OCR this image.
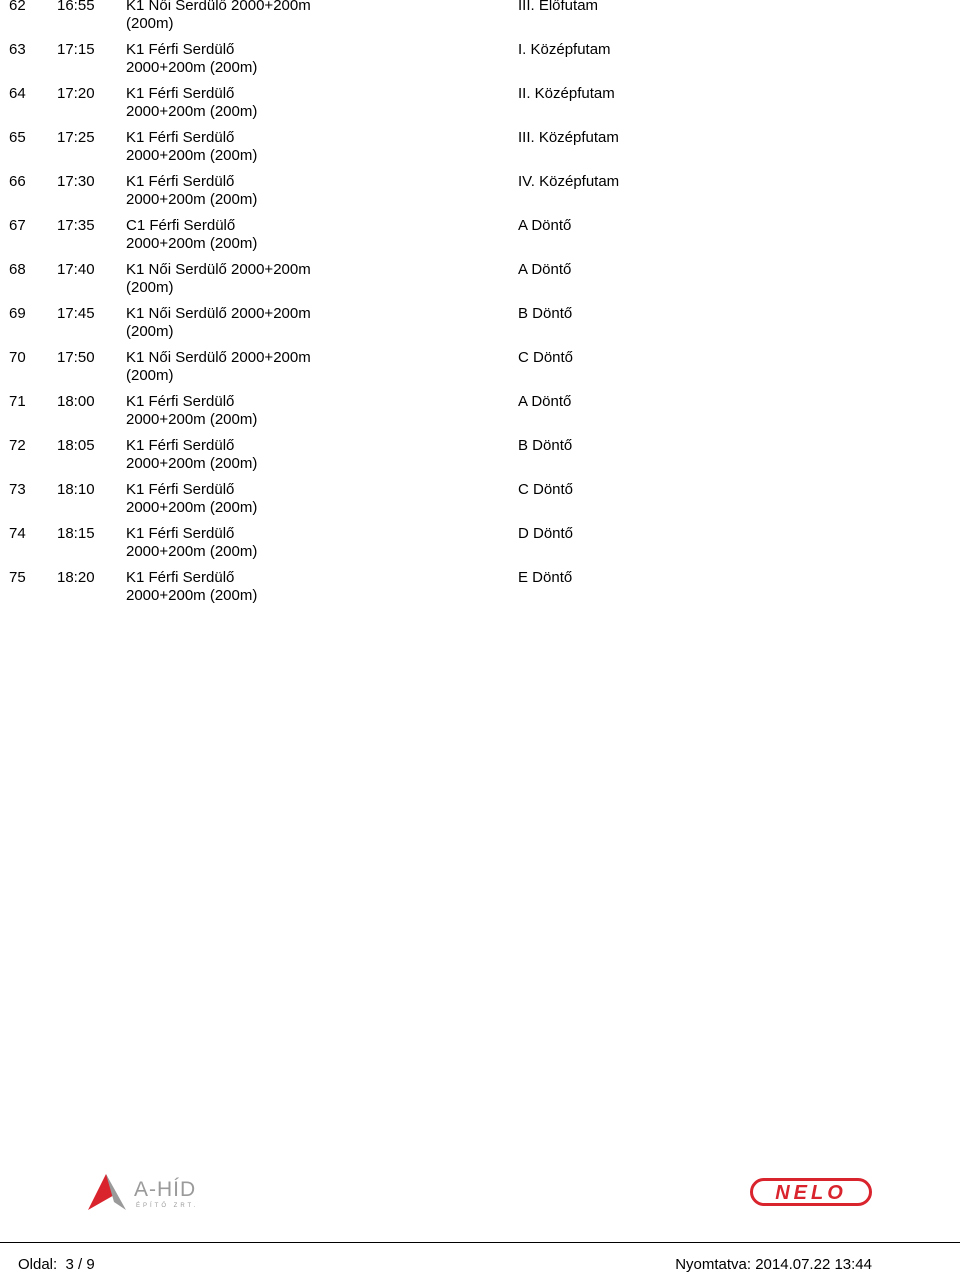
62 16:55 K1 Női Serdülő 2000+200m
(200m)
III. Előfutam
63 17:15 K1 Férfi Serdülő
2000+200m (200m)
I. Középfutam
64 17:20 K1 Férfi Serdülő
2000+200m (200m)
II. Középfutam
65 17:25 K1 Férfi Serdülő
2000+200m (200m)
III. Középfutam
66 17:30 K1 Férfi Serdülő
2000+200m (200m)
IV. Középfutam
67 17:35 C1 Férfi Serdülő
2000+200m (200m)
A Döntő
68 17:40 K1 Női Serdülő 2000+200m
(200m)
A Döntő
69 17:45 K1 Női Serdülő 2000+200m
(200m)
B Döntő
70 17:50 K1 Női Serdülő 2000+200m
(200m)
C Döntő
71 18:00 K1 Férfi Serdülő
2000+200m (200m)
A Döntő
72 18:05 K1 Férfi Serdülő
2000+200m (200m)
B Döntő
73 18:10 K1 Férfi Serdülő
2000+200m (200m)
C Döntő
74 18:15 K1 Férfi Serdülő
2000+200m (200m)
D Döntő
75 18:20 K1 Férfi Serdülő
2000+200m (200m)
E Döntő
A-HÍD
ÉPÍTŐ ZRT.
NELO
Oldal:  3 / 9	Nyomtatva: 2014.07.22 13:44
